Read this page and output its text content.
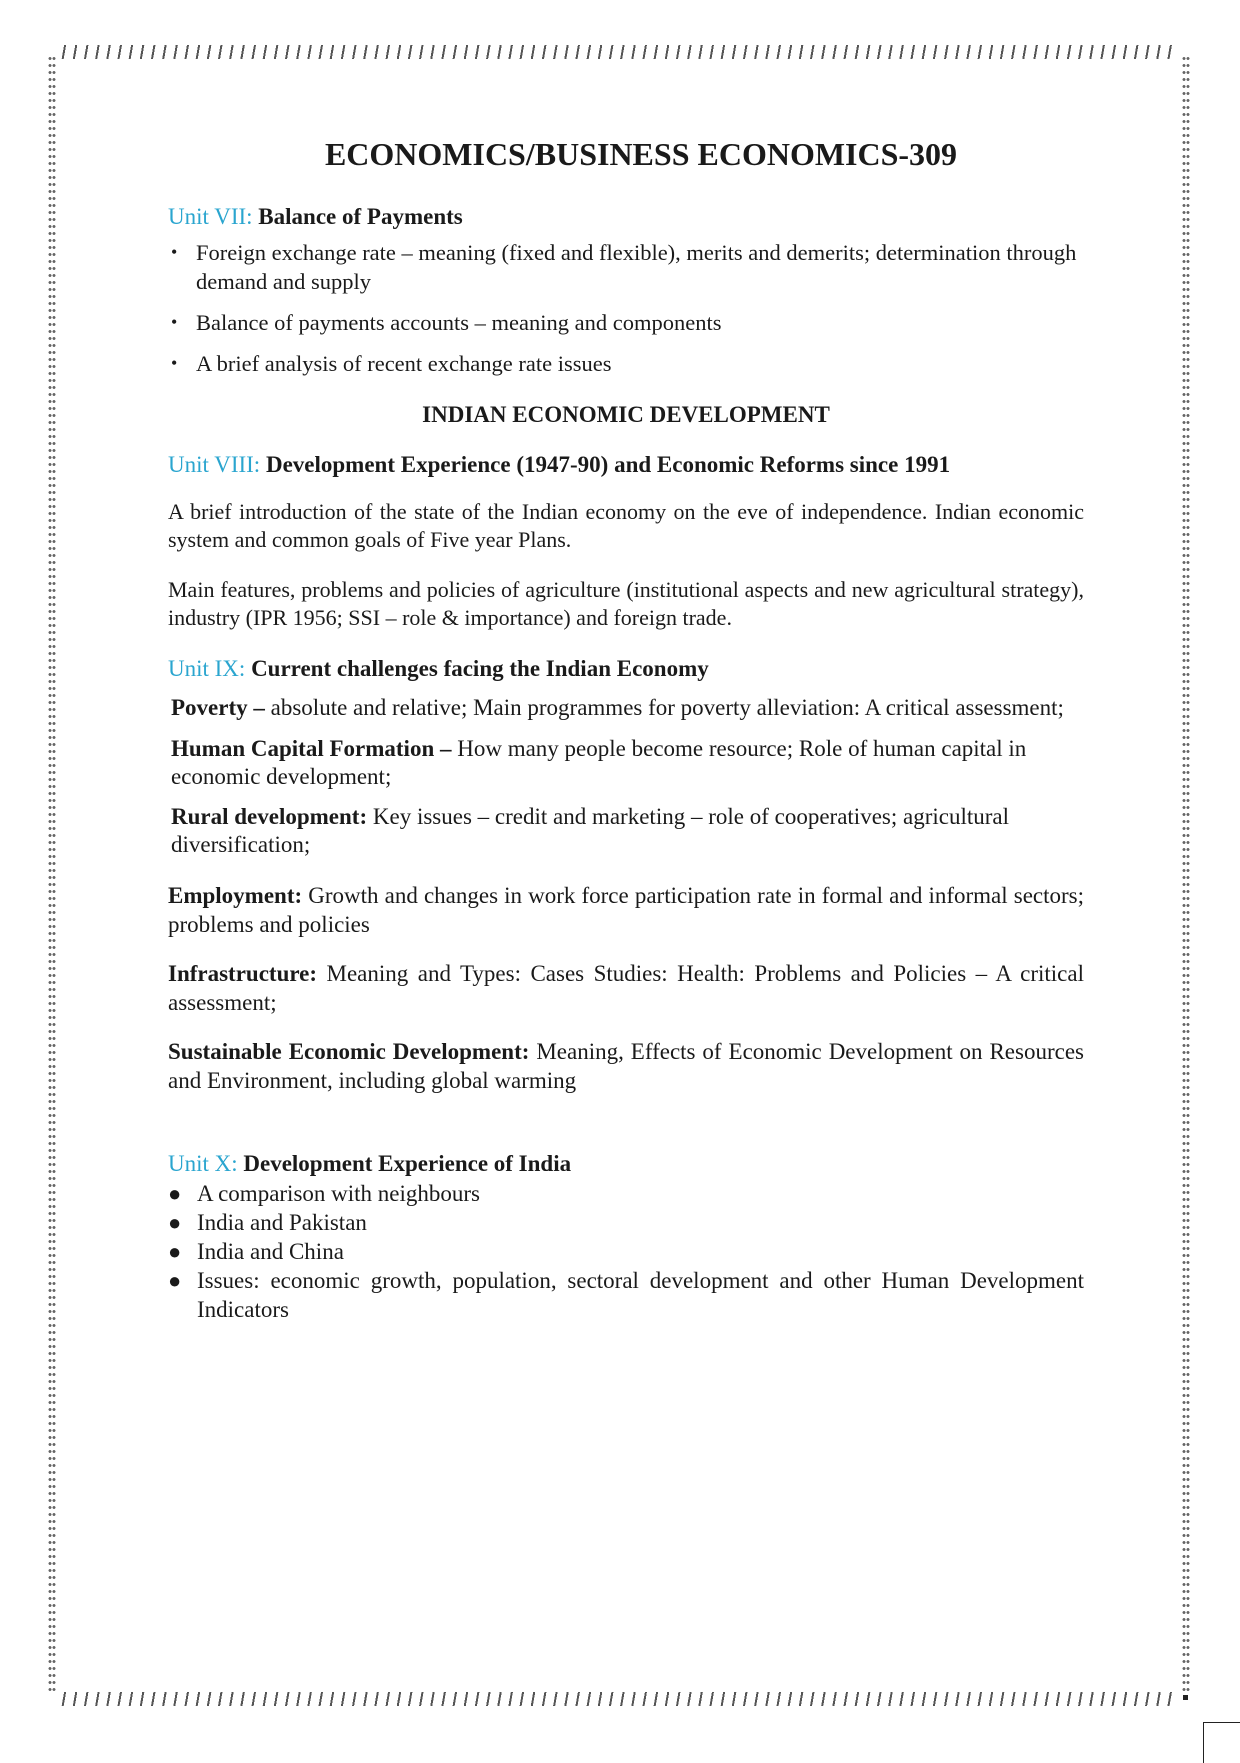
ECONOMICS/BUSINESS ECONOMICS-309

Unit VII: Balance of Payments

• Foreign exchange rate – meaning (fixed and flexible), merits and demerits; determination through demand and supply
• Balance of payments accounts – meaning and components
• A brief analysis of recent exchange rate issues

INDIAN ECONOMIC DEVELOPMENT

Unit VIII: Development Experience (1947-90) and Economic Reforms since 1991

A brief introduction of the state of the Indian economy on the eve of independence. Indian economic system and common goals of Five year Plans.

Main features, problems and policies of agriculture (institutional aspects and new agricultural strategy), industry (IPR 1956; SSI – role & importance) and foreign trade.

Unit IX: Current challenges facing the Indian Economy

Poverty – absolute and relative; Main programmes for poverty alleviation: A critical assessment;

Human Capital Formation – How many people become resource; Role of human capital in economic development;

Rural development: Key issues – credit and marketing – role of cooperatives; agricultural diversification;

Employment: Growth and changes in work force participation rate in formal and informal sectors; problems and policies

Infrastructure: Meaning and Types: Cases Studies: Health: Problems and Policies – A critical assessment;

Sustainable Economic Development: Meaning, Effects of Economic Development on Resources and Environment, including global warming

Unit X: Development Experience of India

● A comparison with neighbours
● India and Pakistan
● India and China
● Issues: economic growth, population, sectoral development and other Human Development Indicators
